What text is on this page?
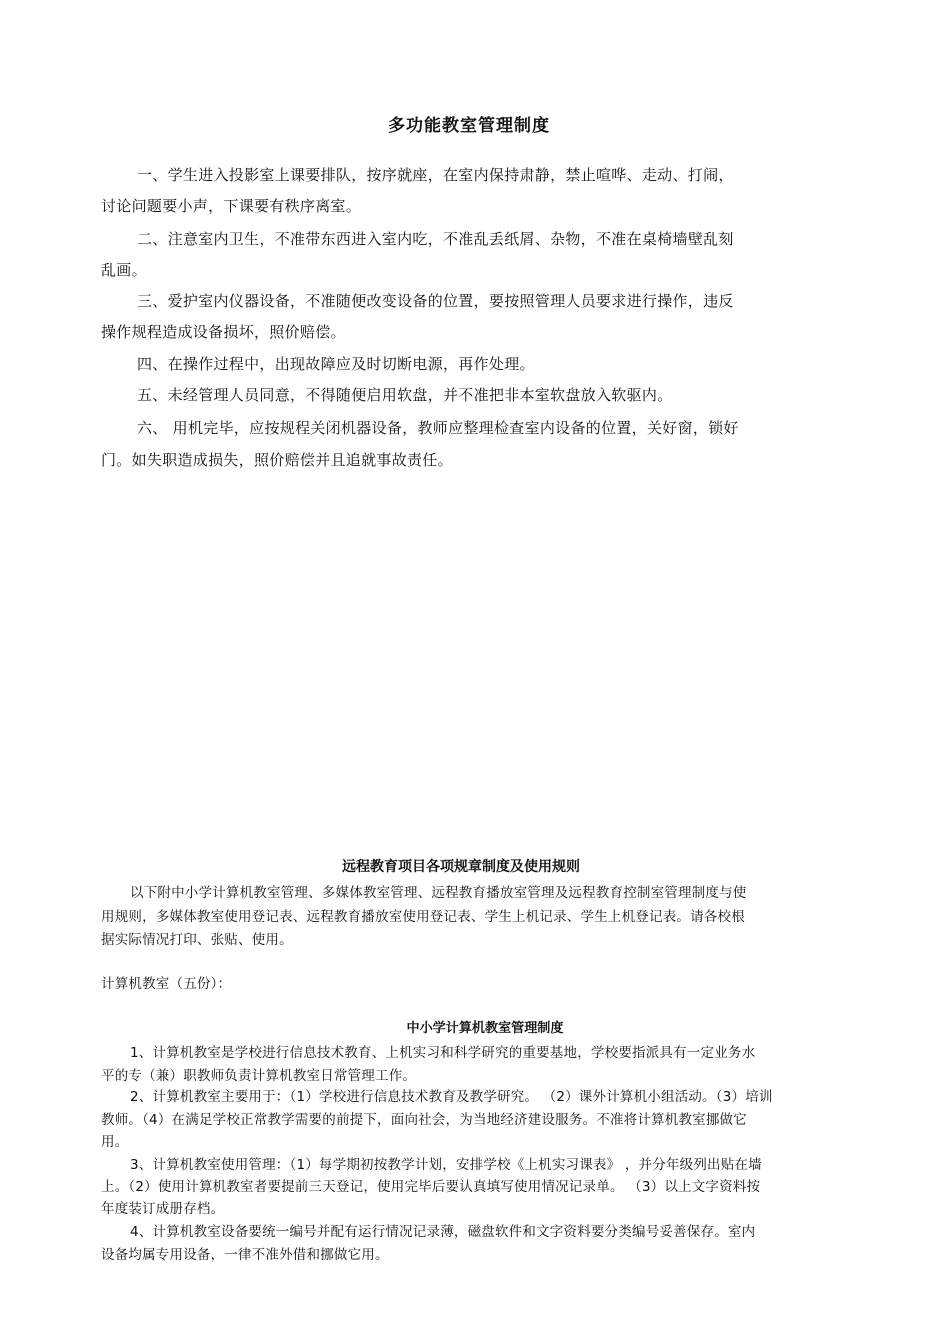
多功能教室管理制度

一、学生进入投影室上课要排队，按序就座，在室内保持肃静，禁止喧哗、走动、打闹，

讨论问题要小声，下课要有秩序离室。

二、注意室内卫生，不准带东西进入室内吃，不准乱丢纸屑、杂物，不准在桌椅墙壁乱刻

乱画。

三、爱护室内仪器设备，不准随便改变设备的位置，要按照管理人员要求进行操作，违反

操作规程造成设备损坏，照价赔偿。

四、在操作过程中，出现故障应及时切断电源，再作处理。

五、未经管理人员同意，不得随便启用软盘，并不准把非本室软盘放入软驱内。

六、 用机完毕，应按规程关闭机器设备，教师应整理检查室内设备的位置，关好窗，锁好

门。如失职造成损失，照价赔偿并且追就事故责任。

远程教育项目各项规章制度及使用规则

以下附中小学计算机教室管理、多媒体教室管理、远程教育播放室管理及远程教育控制室管理制度与使

用规则，多媒体教室使用登记表、远程教育播放室使用登记表、学生上机记录、学生上机登记表。请各校根

据实际情况打印、张贴、使用。

计算机教室（五份）：

中小学计算机教室管理制度

1、计算机教室是学校进行信息技术教育、上机实习和科学研究的重要基地，学校要指派具有一定业务水

平的专（兼）职教师负责计算机教室日常管理工作。

2、计算机教室主要用于：（1）学校进行信息技术教育及教学研究。 （2）课外计算机小组活动。（3）培训

教师。（4）在满足学校正常教学需要的前提下，面向社会，为当地经济建设服务。不准将计算机教室挪做它

用。

3、计算机教室使用管理：（1）每学期初按教学计划，安排学校《上机实习课表》 ，并分年级列出贴在墙

上。（2）使用计算机教室者要提前三天登记，使用完毕后要认真填写使用情况记录单。 （3）以上文字资料按

年度装订成册存档。

4、计算机教室设备要统一编号并配有运行情况记录薄，磁盘软件和文字资料要分类编号妥善保存。室内

设备均属专用设备，一律不准外借和挪做它用。
